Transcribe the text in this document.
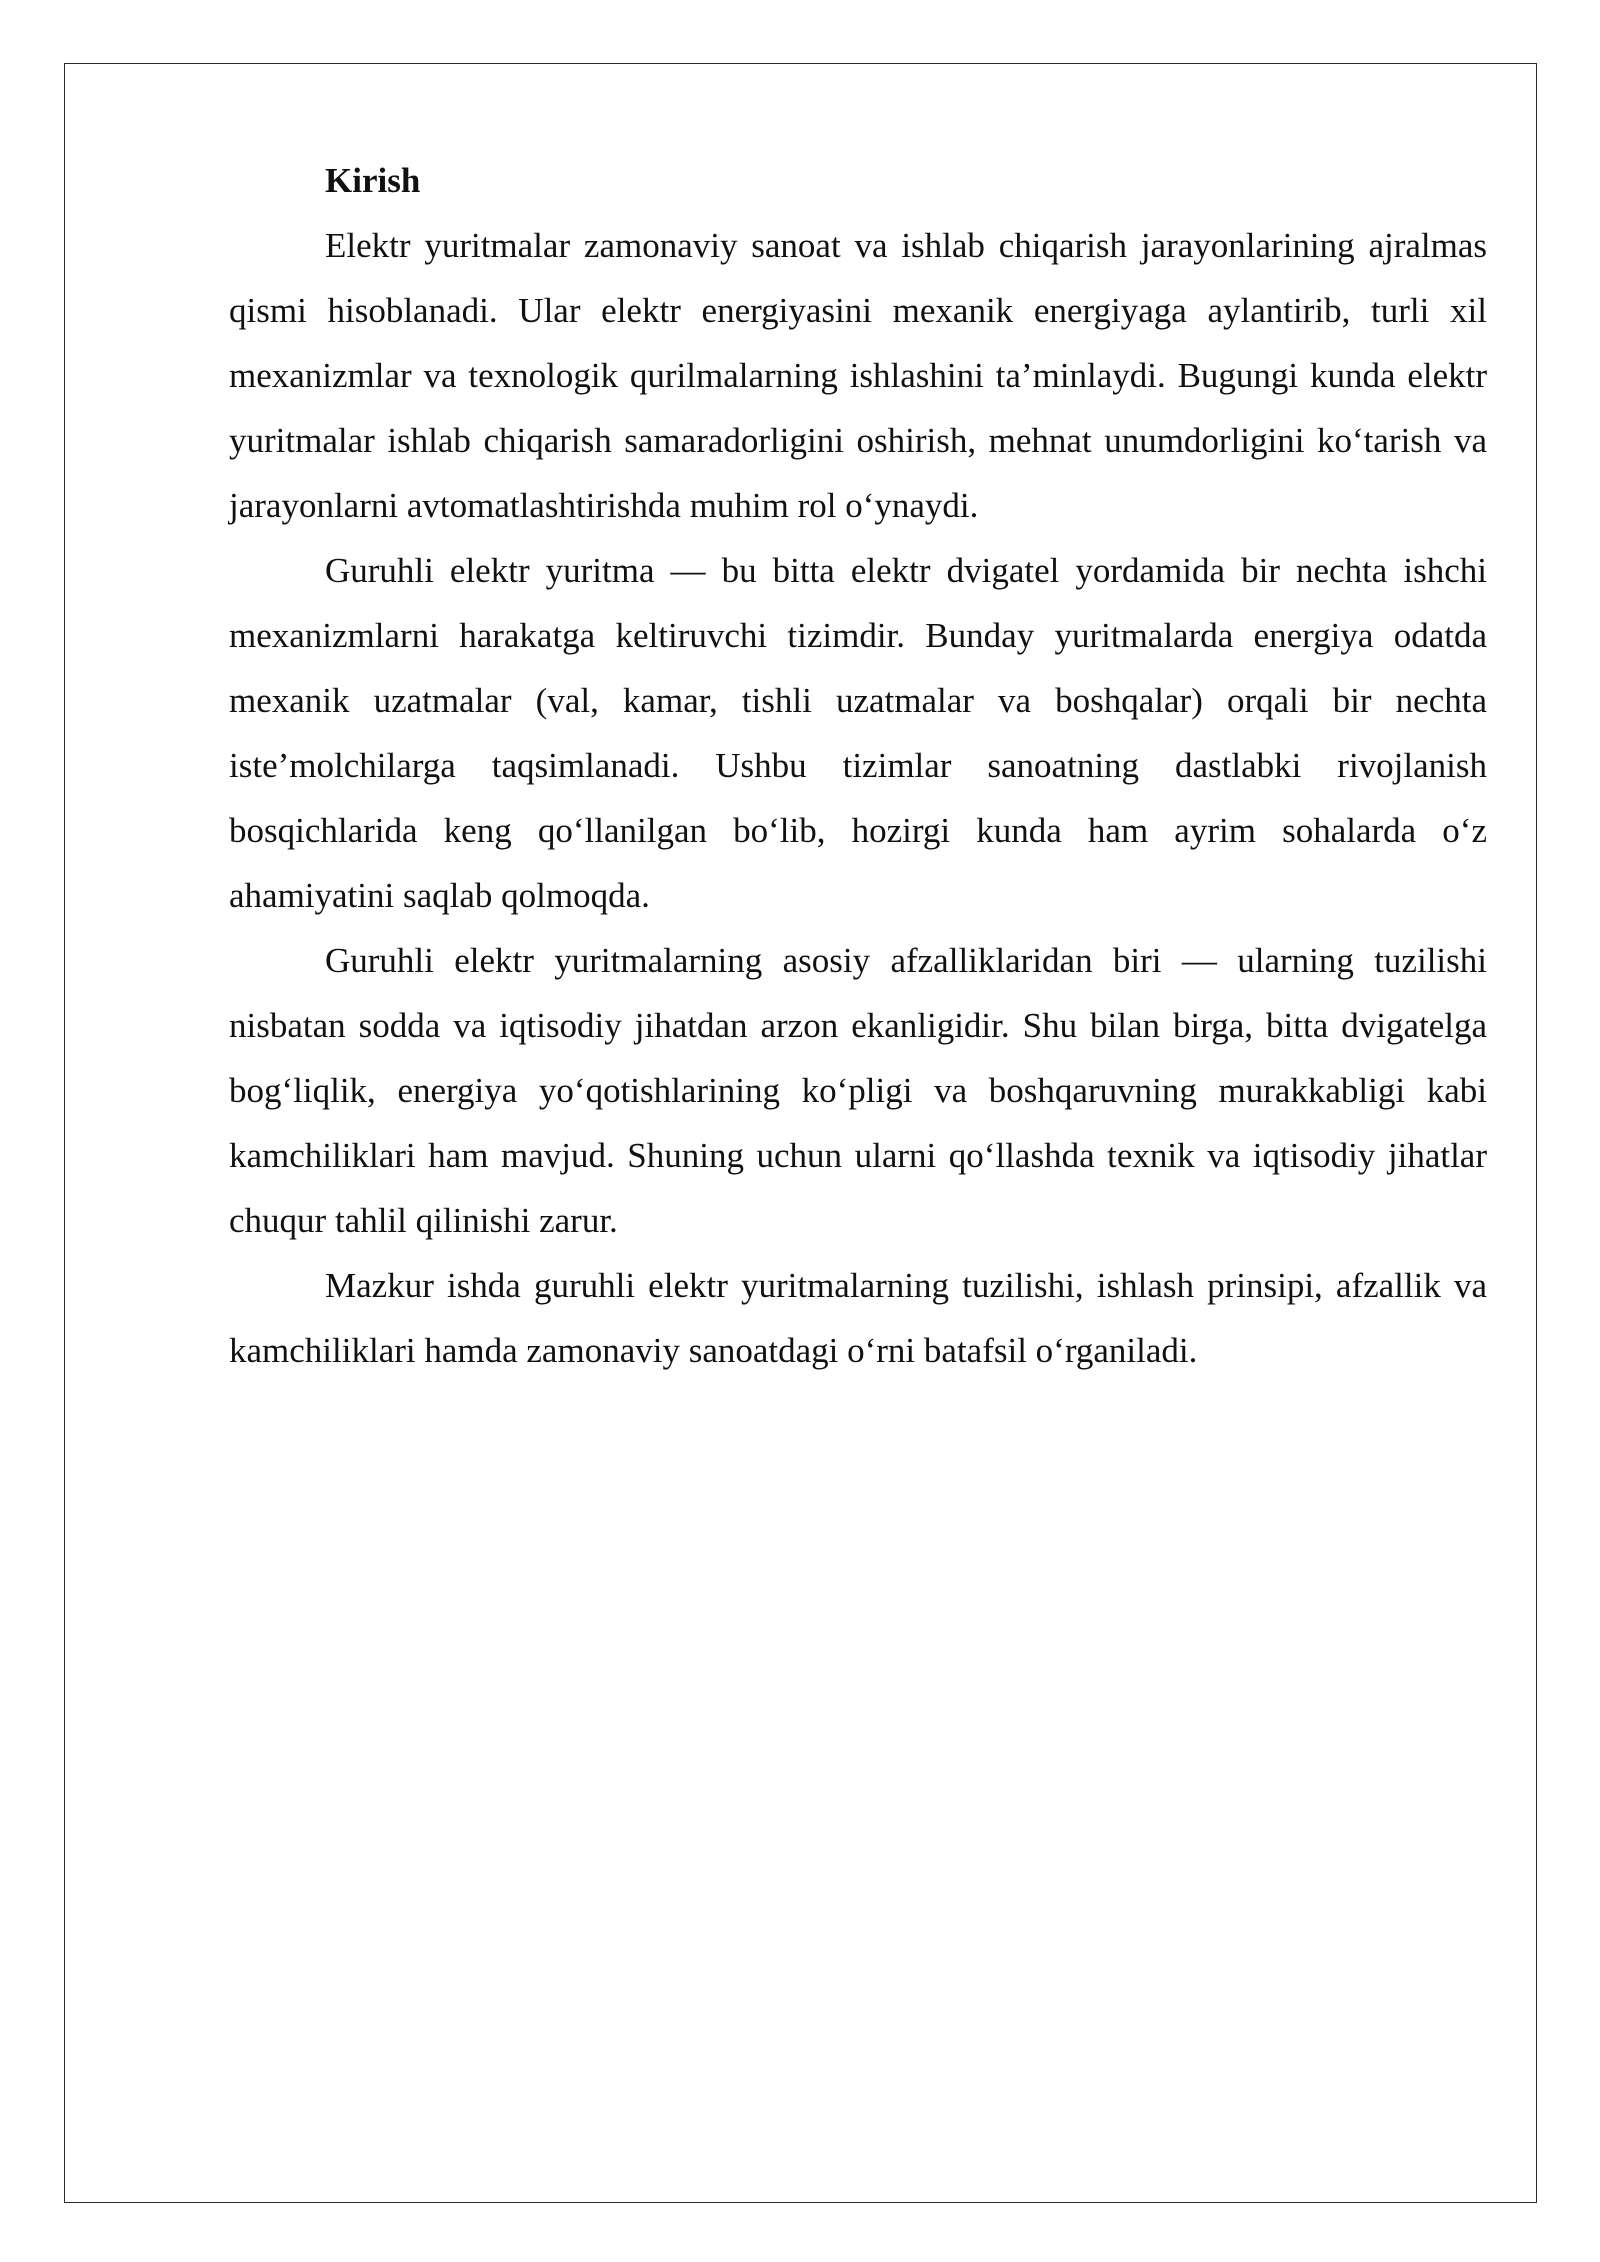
Kirish

Elektr yuritmalar zamonaviy sanoat va ishlab chiqarish jarayonlarining ajralmas qismi hisoblanadi. Ular elektr energiyasini mexanik energiyaga aylantirib, turli xil mexanizmlar va texnologik qurilmalarning ishlashini ta’minlaydi. Bugungi kunda elektr yuritmalar ishlab chiqarish samaradorligini oshirish, mehnat unumdorligini ko‘tarish va jarayonlarni avtomatlashtirishda muhim rol o‘ynaydi.

Guruhli elektr yuritma — bu bitta elektr dvigatel yordamida bir nechta ishchi mexanizmlarni harakatga keltiruvchi tizimdir. Bunday yuritmalarda energiya odatda mexanik uzatmalar (val, kamar, tishli uzatmalar va boshqalar) orqali bir nechta iste’molchilarga taqsimlanadi. Ushbu tizimlar sanoatning dastlabki rivojlanish bosqichlarida keng qo‘llanilgan bo‘lib, hozirgi kunda ham ayrim sohalarda o‘z ahamiyatini saqlab qolmoqda.

Guruhli elektr yuritmalarning asosiy afzalliklaridan biri — ularning tuzilishi nisbatan sodda va iqtisodiy jihatdan arzon ekanligidir. Shu bilan birga, bitta dvigatelga bog‘liqlik, energiya yo‘qotishlarining ko‘pligi va boshqaruvning murakkabligi kabi kamchiliklari ham mavjud. Shuning uchun ularni qo‘llashda texnik va iqtisodiy jihatlar chuqur tahlil qilinishi zarur.

Mazkur ishda guruhli elektr yuritmalarning tuzilishi, ishlash prinsipi, afzallik va kamchiliklari hamda zamonaviy sanoatdagi o‘rni batafsil o‘rganiladi.
